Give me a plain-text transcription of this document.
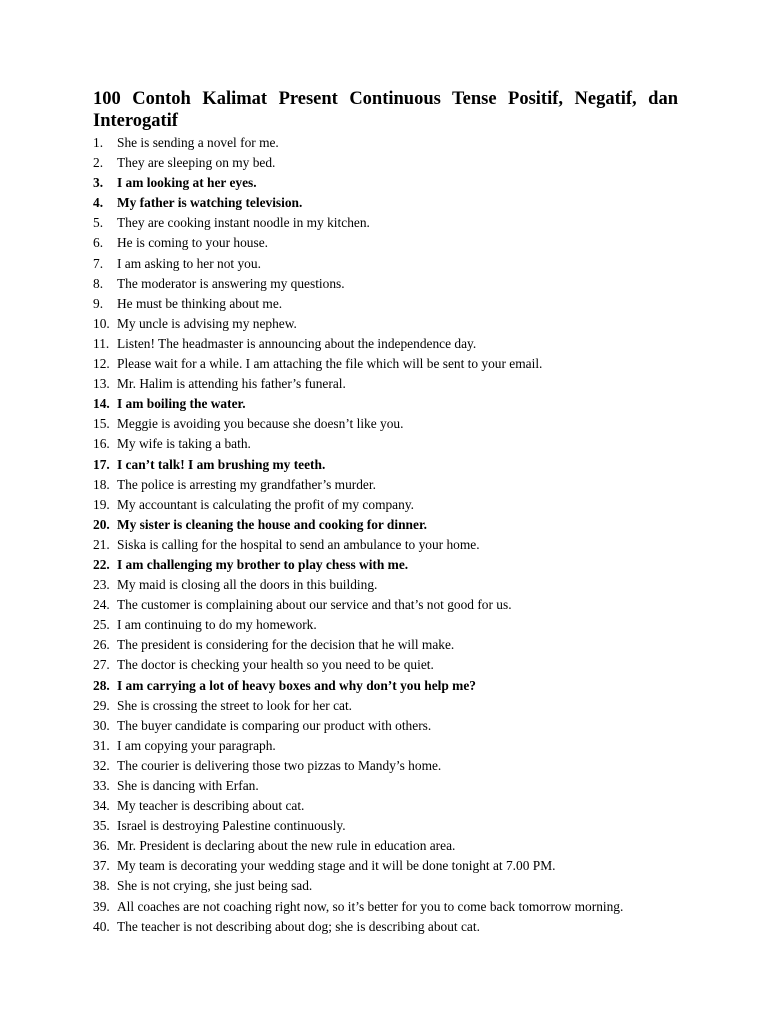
100 Contoh Kalimat Present Continuous Tense Positif, Negatif, dan Interogatif
1. She is sending a novel for me.
2. They are sleeping on my bed.
3. I am looking at her eyes.
4. My father is watching television.
5. They are cooking instant noodle in my kitchen.
6. He is coming to your house.
7. I am asking to her not you.
8. The moderator is answering my questions.
9. He must be thinking about me.
10. My uncle is advising my nephew.
11. Listen! The headmaster is announcing about the independence day.
12. Please wait for a while. I am attaching the file which will be sent to your email.
13. Mr. Halim is attending his father’s funeral.
14. I am boiling the water.
15. Meggie is avoiding you because she doesn’t like you.
16. My wife is taking a bath.
17. I can’t talk! I am brushing my teeth.
18. The police is arresting my grandfather’s murder.
19. My accountant is calculating the profit of my company.
20. My sister is cleaning the house and cooking for dinner.
21. Siska is calling for the hospital to send an ambulance to your home.
22. I am challenging my brother to play chess with me.
23. My maid is closing all the doors in this building.
24. The customer is complaining about our service and that’s not good for us.
25. I am continuing to do my homework.
26. The president is considering for the decision that he will make.
27. The doctor is checking your health so you need to be quiet.
28. I am carrying a lot of heavy boxes and why don’t you help me?
29. She is crossing the street to look for her cat.
30. The buyer candidate is comparing our product with others.
31. I am copying your paragraph.
32. The courier is delivering those two pizzas to Mandy’s home.
33. She is dancing with Erfan.
34. My teacher is describing about cat.
35. Israel is destroying Palestine continuously.
36. Mr. President is declaring about the new rule in education area.
37. My team is decorating your wedding stage and it will be done tonight at 7.00 PM.
38. She is not crying, she just being sad.
39. All coaches are not coaching right now, so it’s better for you to come back tomorrow morning.
40. The teacher is not describing about dog; she is describing about cat.
